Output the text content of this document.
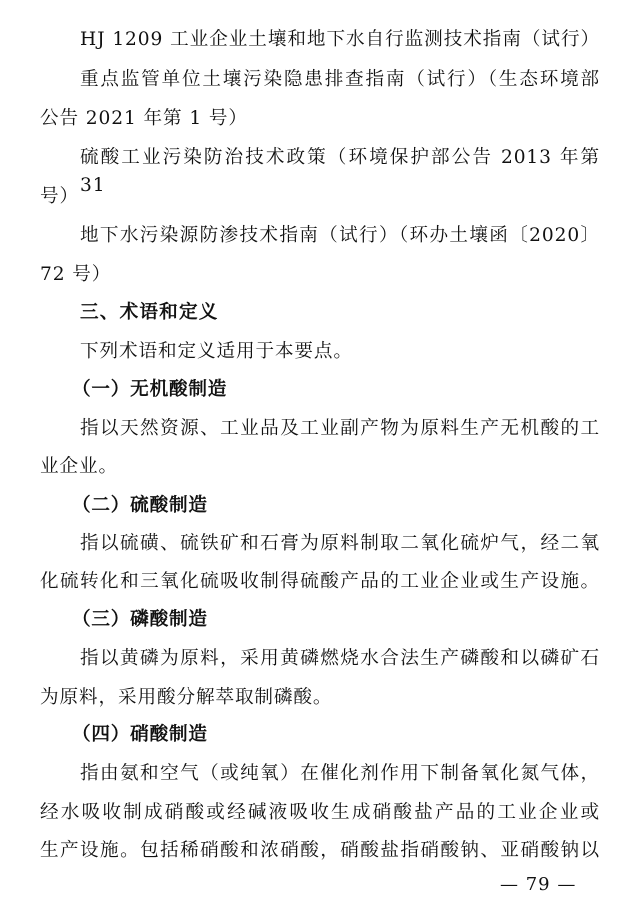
HJ 1209 工业企业土壤和地下水自行监测技术指南（试行）
重点监管单位土壤污染隐患排查指南（试行）（生态环境部
公告 2021 年第 1 号）
硫酸工业污染防治技术政策（环境保护部公告 2013 年第 31
号）
地下水污染源防渗技术指南（试行）（环办土壤函〔2020〕
72 号）
三、术语和定义
下列术语和定义适用于本要点。
（一）无机酸制造
指以天然资源、工业品及工业副产物为原料生产无机酸的工
业企业。
（二）硫酸制造
指以硫磺、硫铁矿和石膏为原料制取二氧化硫炉气，经二氧
化硫转化和三氧化硫吸收制得硫酸产品的工业企业或生产设施。
（三）磷酸制造
指以黄磷为原料，采用黄磷燃烧水合法生产磷酸和以磷矿石
为原料，采用酸分解萃取制磷酸。
（四）硝酸制造
指由氨和空气（或纯氧）在催化剂作用下制备氧化氮气体，
经水吸收制成硝酸或经碱液吸收生成硝酸盐产品的工业企业或
生产设施。包括稀硝酸和浓硝酸，硝酸盐指硝酸钠、亚硝酸钠以
— 79 —
